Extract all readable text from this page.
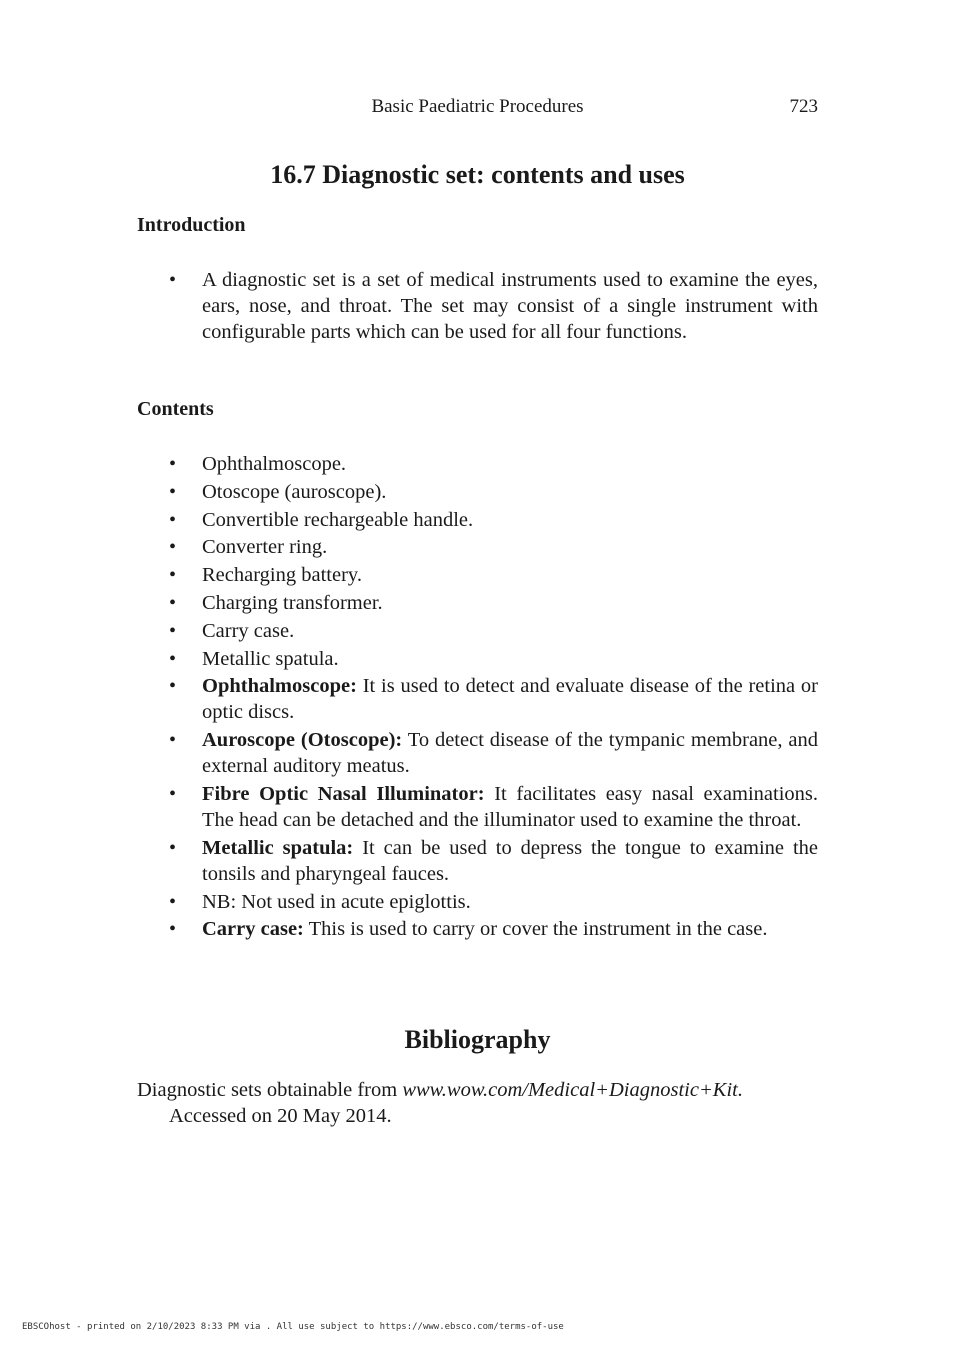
Basic Paediatric Procedures	723
16.7 Diagnostic set: contents and uses
Introduction
• A diagnostic set is a set of medical instruments used to examine the eyes, ears, nose, and throat. The set may consist of a single instrument with configurable parts which can be used for all four functions.
Contents
• Ophthalmoscope.
• Otoscope (auroscope).
• Convertible rechargeable handle.
• Converter ring.
• Recharging battery.
• Charging transformer.
• Carry case.
• Metallic spatula.
• Ophthalmoscope: It is used to detect and evaluate disease of the retina or optic discs.
• Auroscope (Otoscope): To detect disease of the tympanic membrane, and external auditory meatus.
• Fibre Optic Nasal Illuminator: It facilitates easy nasal examinations. The head can be detached and the illuminator used to examine the throat.
• Metallic spatula: It can be used to depress the tongue to examine the tonsils and pharyngeal fauces.
• NB: Not used in acute epiglottis.
• Carry case: This is used to carry or cover the instrument in the case.
Bibliography
Diagnostic sets obtainable from www.wow.com/Medical+Diagnostic+Kit. Accessed on 20 May 2014.
EBSCOhost - printed on 2/10/2023 8:33 PM via . All use subject to https://www.ebsco.com/terms-of-use
